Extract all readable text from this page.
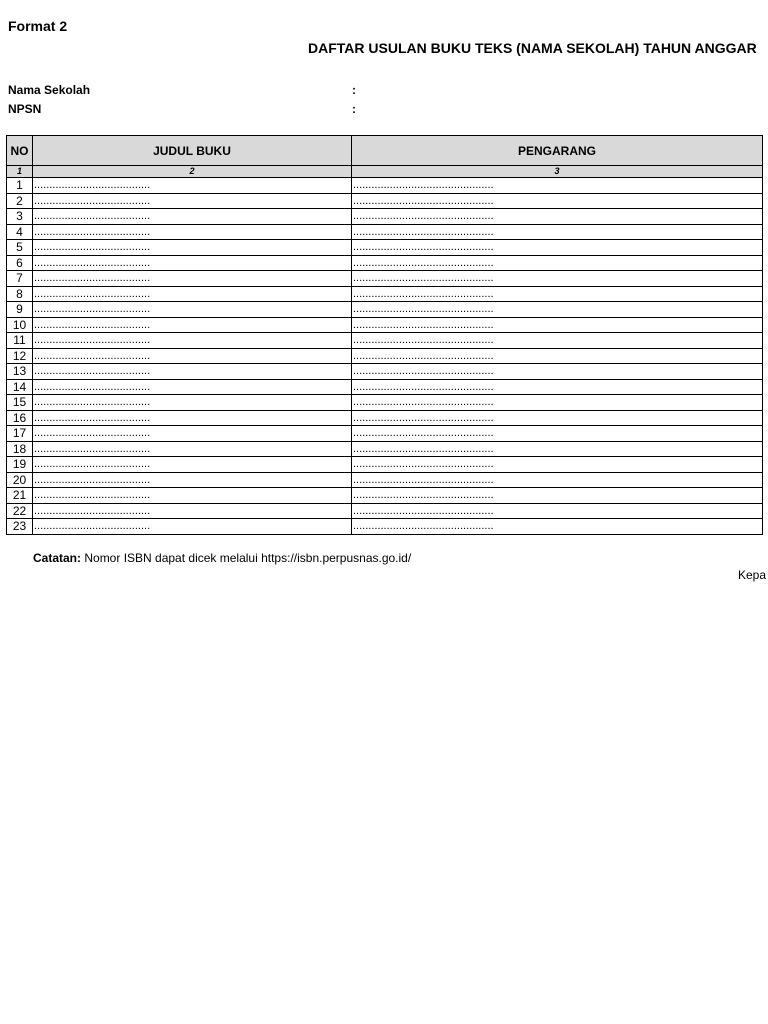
Format 2
DAFTAR USULAN BUKU TEKS (NAMA SEKOLAH) TAHUN ANGGAR
Nama Sekolah	:
NPSN	:
NO	JUDUL BUKU	PENGARANG
1	2	3
1	......................................	..............................................
2	......................................	..............................................
3	......................................	..............................................
4	......................................	..............................................
5	......................................	..............................................
6	......................................	..............................................
7	......................................	..............................................
8	......................................	..............................................
9	......................................	..............................................
10	......................................	..............................................
11	......................................	..............................................
12	......................................	..............................................
13	......................................	..............................................
14	......................................	..............................................
15	......................................	..............................................
16	......................................	..............................................
17	......................................	..............................................
18	......................................	..............................................
19	......................................	..............................................
20	......................................	..............................................
21	......................................	..............................................
22	......................................	..............................................
23	......................................	..............................................
Catatan: Nomor ISBN dapat dicek melalui https://isbn.perpusnas.go.id/
Kepa
